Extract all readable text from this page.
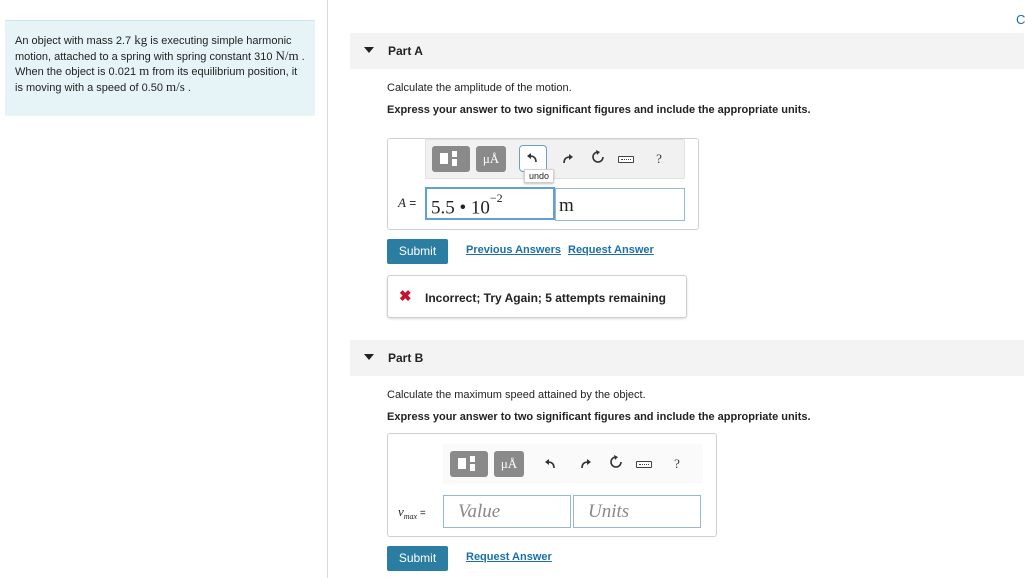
An object with mass 2.7 kg is executing simple harmonic motion, attached to a spring with spring constant 310 N/m . When the object is 0.021 m from its equilibrium position, it is moving with a speed of 0.50 m/s .
C
Part A
Calculate the amplitude of the motion.
Express your answer to two significant figures and include the appropriate units.
μÅ	?
A = 5.5 • $10^{-2}$	m
undo
Submit	Previous Answers Request Answer
✖ Incorrect; Try Again; 5 attempts remaining
Part B
Calculate the maximum speed attained by the object.
Express your answer to two significant figures and include the appropriate units.
μÅ	?
$v_{max}$ = Value	Units
Submit	Request Answer
